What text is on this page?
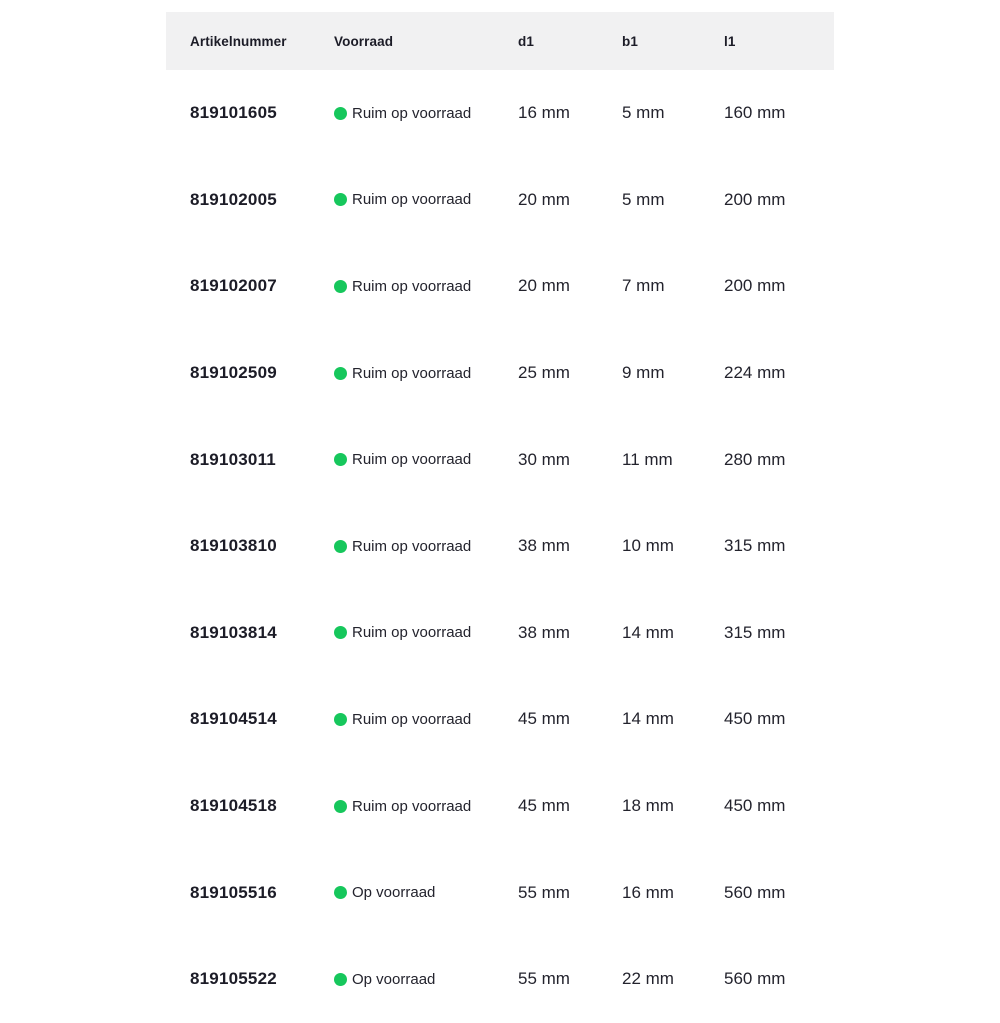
Artikelnummer	Voorraad	d1	b1	l1
819101605	Ruim op voorraad	16 mm	5 mm	160 mm
819102005	Ruim op voorraad	20 mm	5 mm	200 mm
819102007	Ruim op voorraad	20 mm	7 mm	200 mm
819102509	Ruim op voorraad	25 mm	9 mm	224 mm
819103011	Ruim op voorraad	30 mm	11 mm	280 mm
819103810	Ruim op voorraad	38 mm	10 mm	315 mm
819103814	Ruim op voorraad	38 mm	14 mm	315 mm
819104514	Ruim op voorraad	45 mm	14 mm	450 mm
819104518	Ruim op voorraad	45 mm	18 mm	450 mm
819105516	Op voorraad	55 mm	16 mm	560 mm
819105522	Op voorraad	55 mm	22 mm	560 mm
